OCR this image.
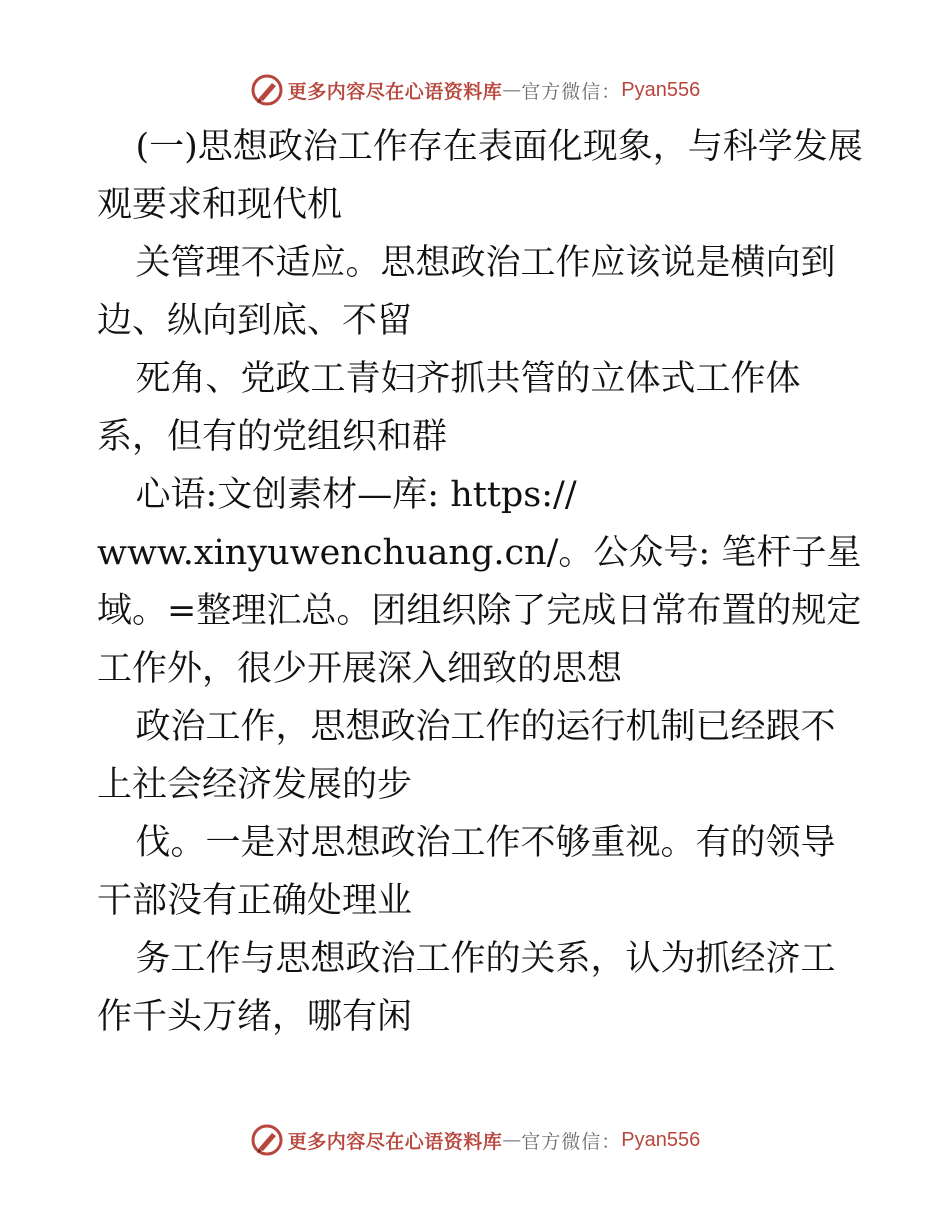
更多内容尽在心语资料库 — 官方微信： Pyan556

(一)思想政治工作存在表面化现象，与科学发展观要求和现代机

关管理不适应。思想政治工作应该说是横向到边、纵向到底、不留

死角、党政工青妇齐抓共管的立体式工作体系，但有的党组织和群

心语:文创素材—库: https://

www.xinyuwenchuang.cn/。公众号: 笔杆子星域。=整理汇总。团组织除了完成日常布置的规定工作外，很少开展深入细致的思想

政治工作，思想政治工作的运行机制已经跟不上社会经济发展的步

伐。一是对思想政治工作不够重视。有的领导干部没有正确处理业

务工作与思想政治工作的关系，认为抓经济工作千头万绪，哪有闲

更多内容尽在心语资料库 — 官方微信： Pyan556
